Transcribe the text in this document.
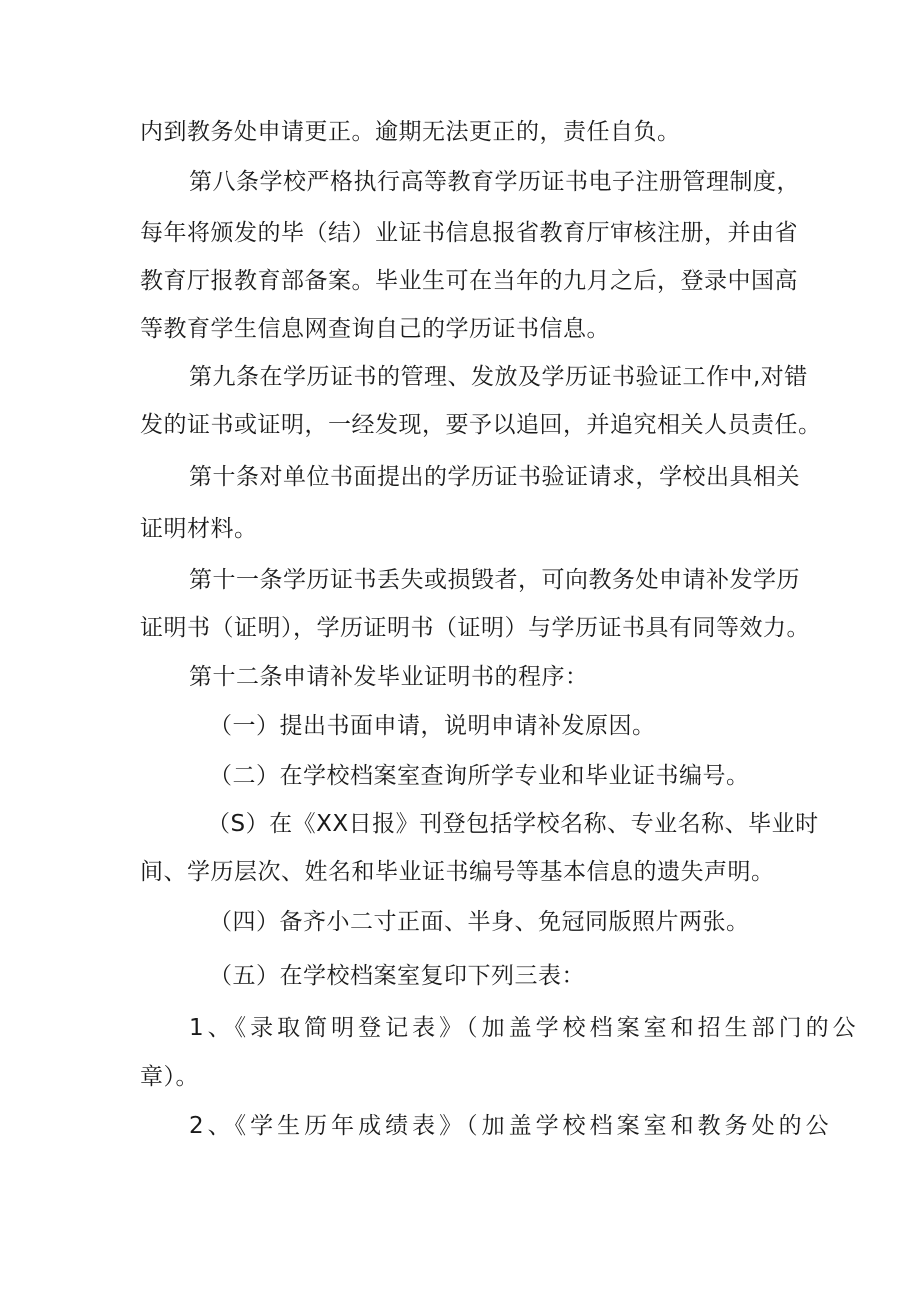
内到教务处申请更正。逾期无法更正的，责任自负。
第八条学校严格执行高等教育学历证书电子注册管理制度，
每年将颁发的毕（结）业证书信息报省教育厅审核注册，并由省
教育厅报教育部备案。毕业生可在当年的九月之后，登录中国高
等教育学生信息网查询自己的学历证书信息。
第九条在学历证书的管理、发放及学历证书验证工作中,对错
发的证书或证明，一经发现，要予以追回，并追究相关人员责任。
第十条对单位书面提出的学历证书验证请求，学校出具相关
证明材料。
第十一条学历证书丢失或损毁者，可向教务处申请补发学历
证明书（证明），学历证明书（证明）与学历证书具有同等效力。
第十二条申请补发毕业证明书的程序：
（一）提出书面申请，说明申请补发原因。
（二）在学校档案室查询所学专业和毕业证书编号。
（S）在《XX日报》刊登包括学校名称、专业名称、毕业时
间、学历层次、姓名和毕业证书编号等基本信息的遗失声明。
（四）备齐小二寸正面、半身、免冠同版照片两张。
（五）在学校档案室复印下列三表：
1、《录取简明登记表》（加盖学校档案室和招生部门的公
章）。
2、《学生历年成绩表》（加盖学校档案室和教务处的公
